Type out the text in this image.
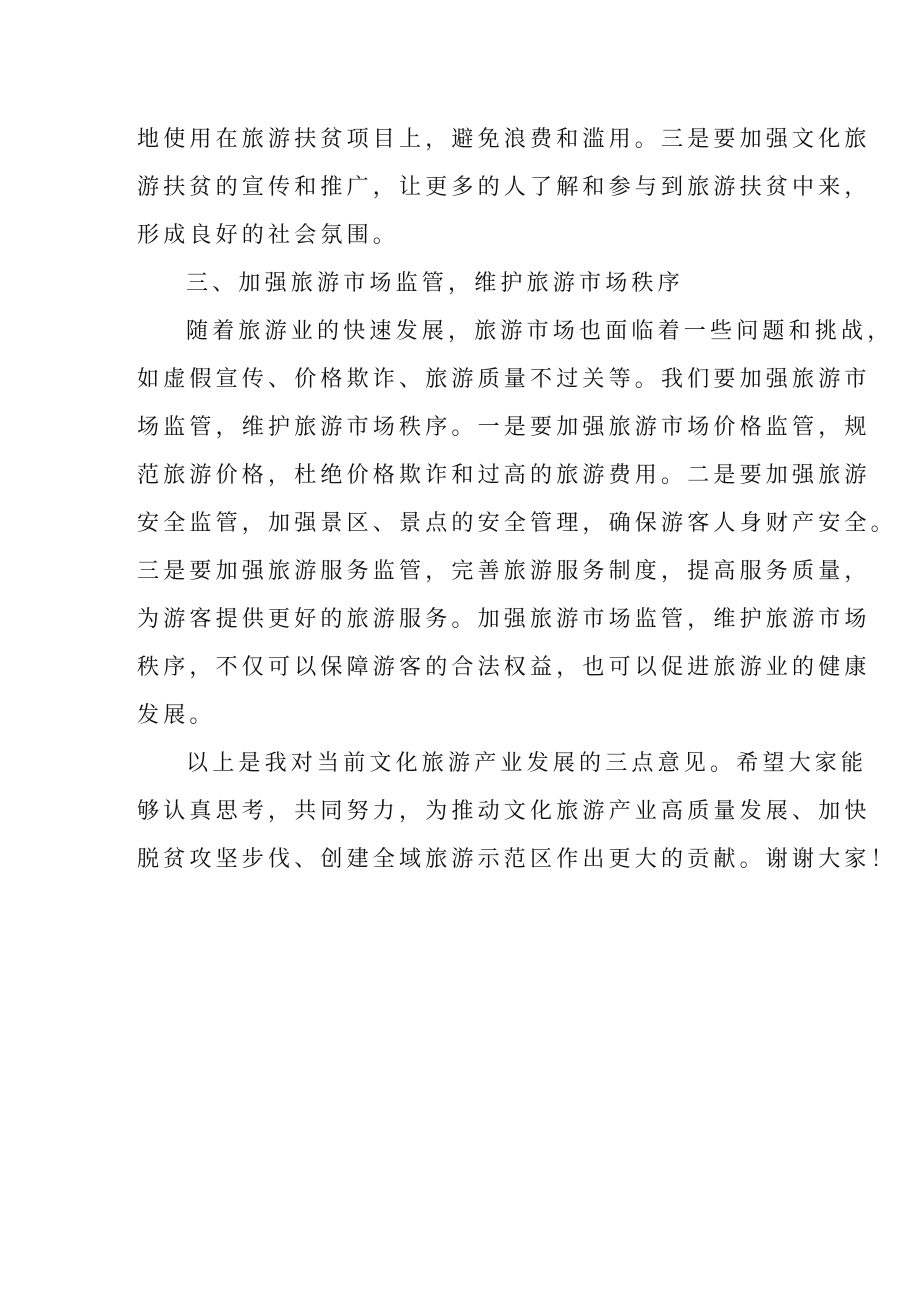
地使用在旅游扶贫项目上，避免浪费和滥用。三是要加强文化旅
游扶贫的宣传和推广，让更多的人了解和参与到旅游扶贫中来，
形成良好的社会氛围。
三、加强旅游市场监管，维护旅游市场秩序
随着旅游业的快速发展，旅游市场也面临着一些问题和挑战，
如虚假宣传、价格欺诈、旅游质量不过关等。我们要加强旅游市
场监管，维护旅游市场秩序。一是要加强旅游市场价格监管，规
范旅游价格，杜绝价格欺诈和过高的旅游费用。二是要加强旅游
安全监管，加强景区、景点的安全管理，确保游客人身财产安全。
三是要加强旅游服务监管，完善旅游服务制度，提高服务质量，
为游客提供更好的旅游服务。加强旅游市场监管，维护旅游市场
秩序，不仅可以保障游客的合法权益，也可以促进旅游业的健康
发展。
以上是我对当前文化旅游产业发展的三点意见。希望大家能
够认真思考，共同努力，为推动文化旅游产业高质量发展、加快
脱贫攻坚步伐、创建全域旅游示范区作出更大的贡献。谢谢大家！
